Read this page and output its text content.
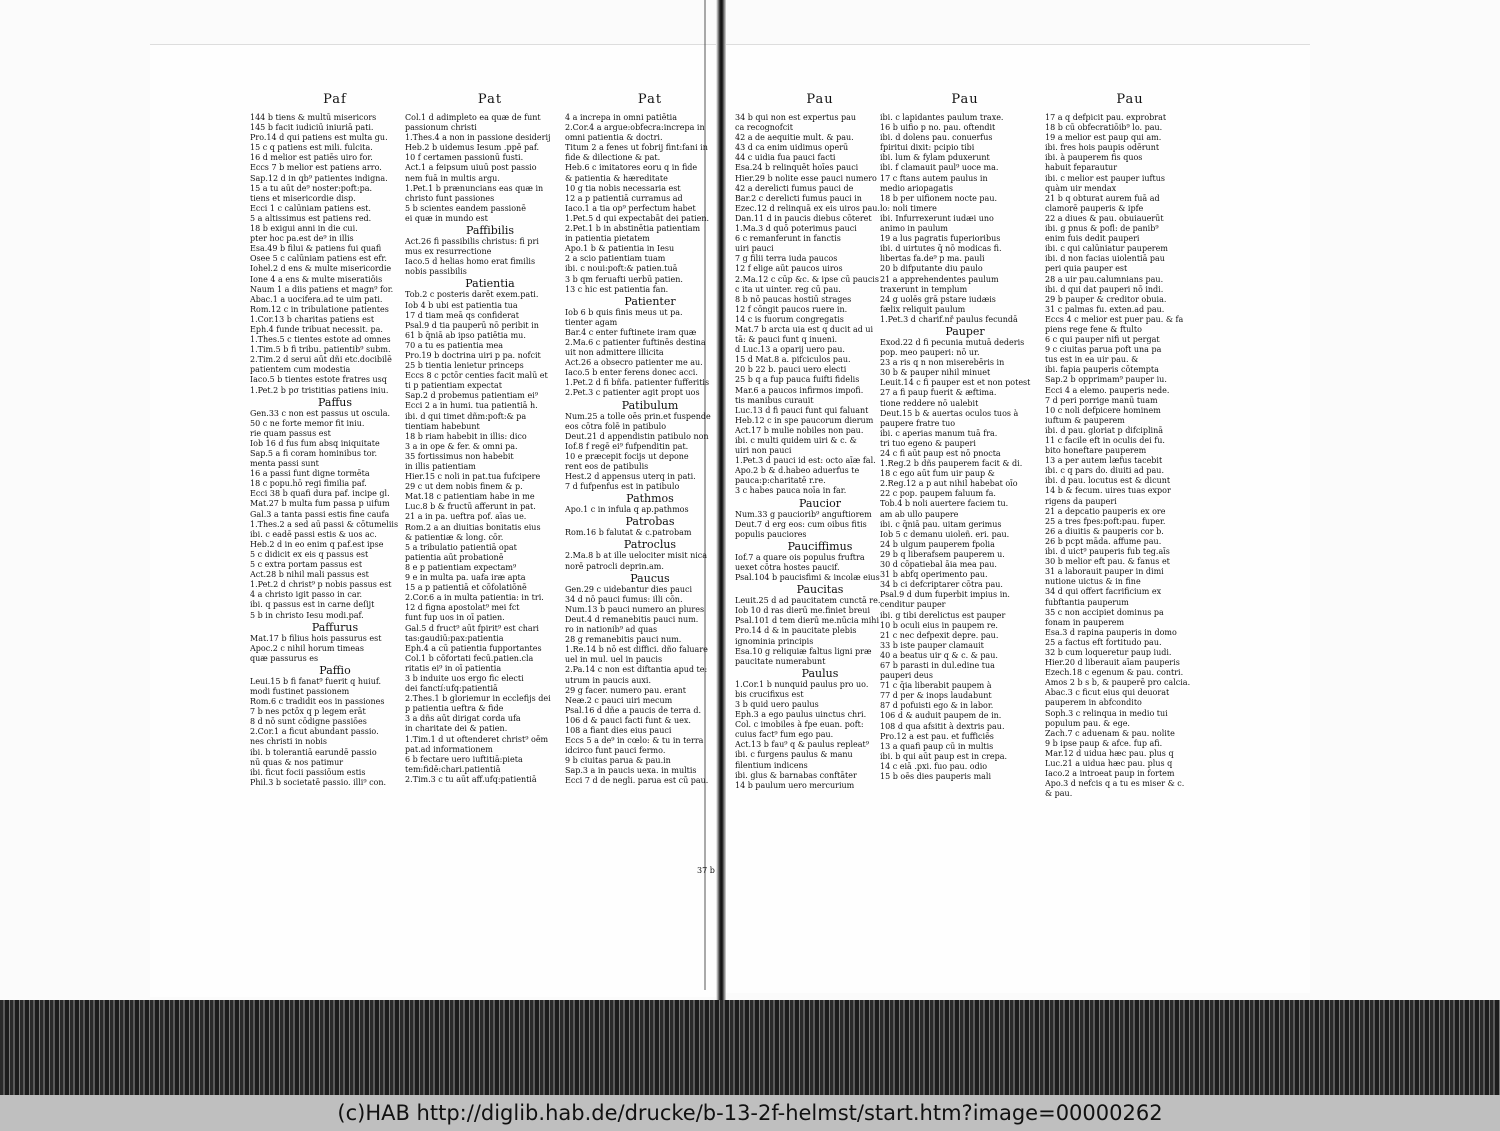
Paf
144 b tiens & multū misericors
145 b facit iudiciū iniuriā pati.
Pro.14 d qui patiens est multa gu.
15 c q patiens est mili. fulcita.
16 d melior est patiēs uiro for.
Eccs 7 b melior est patiens arro.
Sap.12 d in qb⁹ patientes indigna.
15 a tu aūt de⁹ noster:poft:pa.
tiens et misericordie disp.
Ecci 1 c calūniam patiens est.
5 a altissimus est patiens red.
18 b exigui anni in die cui.
pter hoc pa.est de⁹ in illis
Esa.49 b filui & patiens fui quafi
Osee 5 c calūniam patiens est efr.
Iohel.2 d ens & multe misericordie
Ione 4 a ens & multe miseratiōis
Naum 1 a diis patiens et magn⁹ for.
Abac.1 a uocifera.ad te uim pati.
Rom.12 c in tribulatione patientes
1.Cor.13 b charitas patiens est
Eph.4 funde tribuat necessit. pa.
1.Thes.5 c tientes estote ad omnes
1.Tim.5 b fi tribu. patientib⁹ subm.
2.Tim.2 d serui aūt dñi etc.docibilē
patientem cum modestia
Iaco.5 b tientes estote fratres usq
1.Pet.2 b pσ tristitias patiens iniu.
Paffus
Gen.33 c non est passus ut oscula.
50 c ne forte memor fit iniu.
rie quam passus est
Iob 16 d fus fum absq iniquitate
Sap.5 a fi coram hominibus tor.
menta passi sunt
16 a passi funt digne tormēta
18 c popu.hō regi fimilia paf.
Ecci 38 b quafi dura paf. incipe gl.
Mat.27 b multa fum passa p uifum
Gal.3 a tanta passi estis fine caufa
1.Thes.2 a sed aū passi & cōtumeliis
ibi. c eadē passi estis & uos ac.
Heb.2 d in eo enim q paf.est ipse
5 c didicit ex eis q passus est
5 c extra portam passus est
Act.28 b nihil mali passus est
1.Pet.2 d christ⁹ p nobis passus est
4 a christo igit passo in car.
ibi. q passus est in carne deſijt
5 b in christo Iesu modi.paf.
Paffurus
Mat.17 b filius hois passurus est
Apoc.2 c nihil horum timeas
quæ passurus es
Paffio
Leui.15 b fi fanat⁹ fuerit q huiuf.
modi fustinet passionem
Rom.6 c tradidit eos in passiones
7 b nes pctōx q p legem erāt
8 d nō sunt cōdigne passiōes
2.Cor.1 a ficut abundant passio.
nes christi in nobis
ibi. b tolerantiā earundē passio
nū quas & nos patimur
ibi. ficut focii passiōum estis
Phil.3 b societatē passio. illi⁹ con.
Pat
Col.1 d adimpleto ea quæ de funt
passionum christi
1.Thes.4 a non in passione desiderij
Heb.2 b uidemus Iesum .ppē paf.
10 f certamen passionū fusti.
Act.1 a feipsum uiuū post passio
nem fuā in multis argu.
1.Pet.1 b prænuncians eas quæ in
christo funt passiones
5 b scientes eandem passionē
ei quæ in mundo est
Paffibilis
Act.26 fi passibilis christus: fi pri
mus ex resurrectione
Iaco.5 d helias homo erat fimilis
nobis passibilis
Patientia
Tob.2 c posteris darēt exem.pati.
Iob 4 b ubi est patientia tua
17 d tiam meā qs confiderat
Psal.9 d tia pauperū nō peribit in
61 b q̄niā ab ipso patiētia mu.
70 a tu es patientia mea
Pro.19 b doctrina uiri p pa. nofcit
25 b tientia lenietur princeps
Eccs 8 c pctōr centies facit malū et
ti p patientiam expectat
Sap.2 d probemus patientiam ei⁹
Ecci 2 a in humi. tua patientiā h.
ibi. d qui timet dñm:poft:& pa
tientiam habebunt
18 b riam habebit in illis: dico
3 a in ope & fer. & omni pa.
35 fortissimus non habebit
in illis patientiam
Hier.15 c noli in pat.tua fufcipere
29 c ut dem nobis finem & p.
Mat.18 c patientiam habe in me
Luc.8 b & fructū afferunt in pat.
21 a in pa. ueftra pof. aīas ue.
Rom.2 a an diuitias bonitatis eius
& patientiæ & long. cōr.
5 a tribulatio patientiā opat
patientia aūt probationē
8 e p patientiam expectam⁹
9 e in multa pa. uafa iræ apta
15 a p patientiā et cōfolatiōnē
2.Cor.6 a in multa patientia: in tri.
12 d figna apostolat⁹ mei fct
funt fup uos in oī patien.
Gal.5 d fruct⁹ aūt fpirit⁹ est chari
tas:gaudiū:pax:patientia
Eph.4 a cū patientia fupportantes
Col.1 b cōfortati fecū.patien.cla
ritatis ei⁹ in oī patientia
3 b induite uos ergo fic electi
dei fanctí:ufq:patientiā
2.Thes.1 b gloriemur in ecclefijs dei
p patientia ueftra & fide
3 a dñs aūt dirigat corda ufa
in charitate dei & patien.
1.Tim.1 d ut oftenderet christ⁹ oēm
pat.ad informationem
6 b fectare uero iuftitiā:pieta
tem:fidē:chari.patientiā
2.Tim.3 c tu aūt aff.ufq:patientiā
Pat
4 a increpa in omni patiētia
2.Cor.4 a argue:obfecra:increpa in
omni patientia & doctri.
Titum 2 a fenes ut fobrij fint:fani in
fide & dilectione & pat.
Heb.6 c imitatores eoru q in fide
& patientia & hæreditate
10 g tia nobis necessaria est
12 a p patientiā curramus ad
Iaco.1 a tia op⁹ perfectum habet
1.Pet.5 d qui expectabāt dei patien.
2.Pet.1 b in abstinētia patientiam
in patientia pietatem
Apo.1 b & patientia in Iesu
2 a scio patientiam tuam
ibi. c noui:poft:& patien.tuā
3 b qm feruafti uerbū patien.
13 c hic est patientia fan.
Patienter
Iob 6 b quis finis meus ut pa.
tienter agam
Bar.4 c enter fuftinete iram quæ
2.Ma.6 c patienter fuftinēs destina
uit non admittere illicita
Act.26 a obsecro patienter me au.
Iaco.5 b enter ferens donec acci.
1.Pet.2 d fi bñfa. patienter fufferitis
2.Pet.3 c patienter agit propt uos
Patibulum
Num.25 a tolle oēs prin.et fuspende
eos cōtra folē in patibulo
Deut.21 d appendistin patibulo non
Iof.8 f regē ei⁹ fufpenditin pat.
10 e præcepit focijs ut depone
rent eos de patibulis
Hest.2 d appensus uterq in pati.
7 d fufpenfus est in patibulo
Pathmos
Apo.1 c in infula q ap.pathmos
Patrobas
Rom.16 b falutat & c.patrobam
Patroclus
2.Ma.8 b at ille uelociter misit nica
norē patrocli deprin.am.
Paucus
Gen.29 c uidebantur dies pauci
34 d nō pauci fumus: illi cōn.
Num.13 b pauci numero an plures
Deut.4 d remanebitis pauci num.
ro in nationib⁹ ad quas
28 g remanebitis pauci num.
1.Re.14 b nō est diffici. dño faluare
uel in mul. uel in paucis
2.Pa.14 c non est diftantia apud te:
utrum in paucis auxi.
29 g facer. numero pau. erant
Neæ.2 c pauci uiri mecum
Psal.16 d dñe a paucis de terra d.
106 d & pauci facti funt & uex.
108 a fiant dies eius pauci
Eccs 5 a de⁹ in cœlo: & tu in terra
idcirco funt pauci fermo.
9 b ciuitas parua & pau.in
Sap.3 a in paucis uexa. in multis
Ecci 7 d de negli. parua est cū pau.
Pau
34 b qui non est expertus pau
ca recognofcit
42 a de aequitie mult. & pau.
43 d ca enim uidimus operū
44 c uidia fua pauci facti
Esa.24 b relinquēt hoīes pauci
Hier.29 b nolite esse pauci numero
42 a derelicti fumus pauci de
Bar.2 c derelicti fumus pauci in
Ezec.12 d relinquā ex eis uiros pau.
Dan.11 d in paucis diebus cōteret
1.Ma.3 d quō poterimus pauci
6 c remanferunt in fanctis
uiri pauci
7 g filii terra iuda paucos
12 f elige aūt paucos uiros
2.Ma.12 c cūp &c. & ipse cū paucis
c ita ut uinter. reg cū pau.
8 b nō paucas hostiū strages
12 f cōngit paucos ruere in.
14 c is fuorum congregatis
Mat.7 b arcta uia est q ducit ad ui
tā: & pauci funt q inueni.
d Luc.13 a oparij uero pau.
15 d Mat.8 a. pifciculos pau.
20 b 22 b. pauci uero electi
25 b q a fup pauca fuifti fidelis
Mar.6 a paucos infirmos impofi.
tis manibus curauit
Luc.13 d fi pauci funt qui faluant
Heb.12 c in spe paucorum dierum
Act.17 b mulie nobiles non pau.
ibi. c multi quidem uiri & c. &
uiri non pauci
1.Pet.3 d pauci id est: octo aīæ fal.
Apo.2 b & d.habeo aduerfus te
pauca:p:charitatē r.re.
3 c habes pauca noīa in far.
Paucior
Num.33 g pauciorib⁹ anguftiorem
Deut.7 d erg eos: cum oibus fitis
populis pauciores
Pauciffimus
Iof.7 a quare ois populus fruftra
uexet cōtra hostes paucif.
Psal.104 b paucisfimi & incolæ eius
Paucitas
Leuit.25 d ad paucitatem cunctā re.
Iob 10 d ras dierū me.finiet breui
Psal.101 d tem dierū me.nūcia mihi
Pro.14 d & in paucitate plebis
ignominia principis
Esa.10 g reliquiæ faltus ligni præ
paucitate numerabunt
Paulus
1.Cor.1 b nunquid paulus pro uo.
bis crucifixus est
3 b quid uero paulus
Eph.3 a ego paulus uinctus chri.
Col. c imobiles à fpe euan. poft:
cuius fact⁹ fum ego pau.
Act.13 b fau⁹ q & paulus repleat⁹
ibi. c furgens paulus & manu
filentium indicens
ibi. glus & barnabas conftāter
14 b paulum uero mercurium
Pau
ibi. c lapidantes paulum traxe.
16 b uifio p no. pau. oftendit
ibi. d dolens pau. conuerfus
fpiritui dixit: pcipio tibi
ibi. lum & fylam pduxerunt
ibi. f clamauit paul⁹ uoce ma.
17 c ftans autem paulus in
medio ariopagatis
18 b per uifionem nocte pau.
lo: noli timere
ibi. Infurrexerunt iudæi uno
animo in paulum
19 a lus pagratis fuperioribus
ibi. d uirtutes q̄ nō modicas fi.
libertas fa.de⁹ p ma. pauli
20 b difputante diu paulo
21 a apprehendentes paulum
traxerunt in templum
24 g uolēs grā pstare iudæis
fælix reliquit paulum
1.Pet.3 d charif.nř paulus fecundā
Pauper
Exod.22 d fi pecunia mutuā dederis
pop. meo pauperi: nō ur.
23 a ris q n non miserebēris in
30 b & pauper nihil minuet
Leuit.14 c fi pauper est et non potest
27 a fi paup fuerit & æftima.
tione reddere nō ualebit
Deut.15 b & auertas oculos tuos à
paupere fratre tuo
ibi. c aperias manum tuā fra.
tri tuo egeno & pauperi
24 c fi aūt paup est nō pnocta
1.Reg.2 b dñs pauperem facit & di.
18 c ego aūt fum uir paup &
2.Reg.12 a p aut nihil habebat oīo
22 c pop. paupem faluum fa.
Tob.4 b noli auertere faciem tu.
am ab ullo paupere
ibi. c q̄niā pau. uitam gerimus
Iob 5 c demanu uioleñ. eri. pau.
24 b ulgum pauperem fpolia
29 b q liberafsem pauperem u.
30 d cōpatiebal āia mea pau.
31 b abfq operimento pau.
34 b ci defcriptarer cōtra pau.
Psal.9 d dum fuperbit impius in.
cenditur pauper
ibi. g tibi derelictus est pauper
10 b oculi eius in paupem re.
21 c nec defpexit depre. pau.
33 b iste pauper clamauit
40 a beatus uir q & c. & pau.
67 b parasti in dul.edine tua
pauperi deus
71 c q̄ia liberabit paupem à
77 d per & inops laudabunt
87 d pofuisti ego & in labor.
106 d & auduit paupem de in.
108 d qua afsitit à dextris pau.
Pro.12 a est pau. et fufficiēs
13 a quafi paup cū in multis
ibi. b qui aūt paup est in crepa.
14 c eiā .pxi. fuo pau. odio
15 b oēs dies pauperis mali
Pau
17 a q defpicit pau. exprobrat
18 b cū obfecratiōib⁹ lo. pau.
19 a melior est paup qui am.
ibi. fres hois paupis odērunt
ibi. à pauperem fis quos
habuit feparautur
ibi. c melior est pauper iuftus
quàm uir mendax
21 b q obturat aurem fuā ad
clamorē pauperis & ipfe
22 a diues & pau. obuiauerūt
ibi. g pnus & pofl: de panib⁹
enim fuis dedit pauperi
ibi. c qui calūniatur pauperem
ibi. d non facias uiolentiā pau
peri quia pauper est
28 a uir pau.calumnians pau.
ibi. d qui dat pauperi nō indi.
29 b pauper & creditor obuia.
31 c palmas fu. exten.ad pau.
Eccs 4 c melior est puer pau. & fa
piens rege fene & ftulto
6 c qui pauper nifi ut pergat
9 c ciuitas parua poft una pa
tus est in ea uir pau. &
ibi. fapia pauperis cōtempta
Sap.2 b opprimam⁹ pauper iu.
Ecci 4 a elemo. pauperis nede.
7 d peri porrige manū tuam
10 c noli defpicere hominem
iuftum & pauperem
ibi. d pau. gloriat p difciplinā
11 c facile eft in oculis dei fu.
bito honeftare pauperem
13 a per autem læfus tacebit
ibi. c q pars do. diuiti ad pau.
ibi. d pau. locutus est & dicunt
14 b & fecum. uires tuas expor
rigens da pauperi
21 a depcatio pauperis ex ore
25 a tres fpes:poft:pau. fuper.
26 a diuitis & pauperis cor b.
26 b pcpt māda. affume pau.
ibi. d uict⁹ pauperis fub teg.aīs
30 b melior eft pau. & fanus et
31 a laborauit pauper in dimi
nutione uictus & in fine
34 d qui offert facrificium ex
fubftantia pauperum
35 c non accipiet dominus pa
fonam in pauperem
Esa.3 d rapina pauperis in domo
25 a factus eft fortitudo pau.
32 b cum loqueretur paup iudi.
Hier.20 d liberauit aīam pauperis
Ezech.18 c egenum & pau. contri.
Amos 2 b s b, & pauperē pro calcia.
Abac.3 c ficut eius qui deuorat
pauperem in abfcondito
Soph.3 c relinqua in medio tui
populum pau. & ege.
Zach.7 c aduenam & pau. nolite
9 b ipse paup & afce. fup afi.
Mar.12 d uidua hæc pau. plus q
Luc.21 a uidua hæc pau. plus q
Iaco.2 a introeat paup in fortem
Apo.3 d nefcis q a tu es miser & c.
& pau.
37 b
(c)HAB http://diglib.hab.de/drucke/b-13-2f-helmst/start.htm?image=00000262
